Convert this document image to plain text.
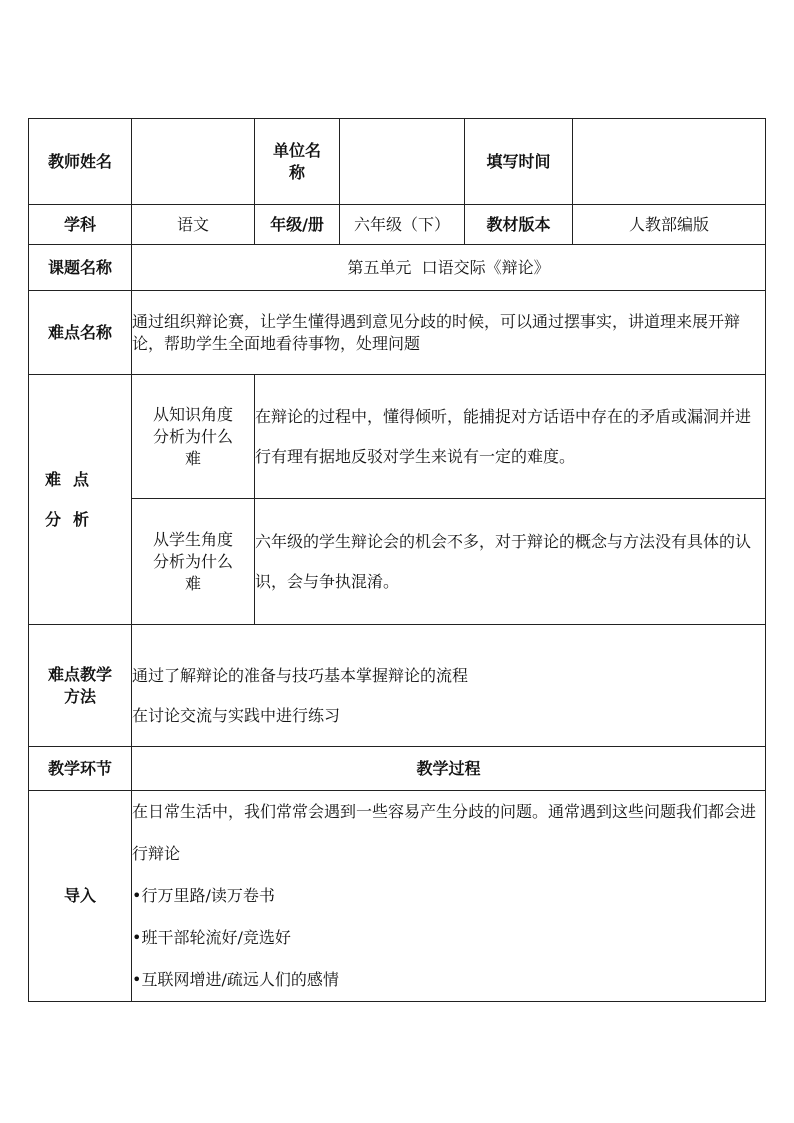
教师姓名		单位名称		填写时间	
学科	语文	年级/册	六年级（下）	教材版本	人教部编版
课题名称	第五单元  口语交际《辩论》				
难点名称	通过组织辩论赛，让学生懂得遇到意见分歧的时候，可以通过摆事实，讲道理来展开辩论，帮助学生全面地看待事物，处理问题				

难点分析	从知识角度分析为什么难	在辩论的过程中，懂得倾听，能捕捉对方话语中存在的矛盾或漏洞并进行有理有据地反驳对学生来说有一定的难度。			

	从学生角度分析为什么难	六年级的学生辩论会的机会不多，对于辩论的概念与方法没有具体的认识，会与争执混淆。			

难点教学方法	通过了解辩论的准备与技巧基本掌握辩论的流程
在讨论交流与实践中进行练习				

教学环节	教学过程				
导入	在日常生活中，我们常常会遇到一些容易产生分歧的问题。通常遇到这些问题我们都会进行辩论
•行万里路/读万卷书
•班干部轮流好/竞选好
•互联网增进/疏远人们的感情				
